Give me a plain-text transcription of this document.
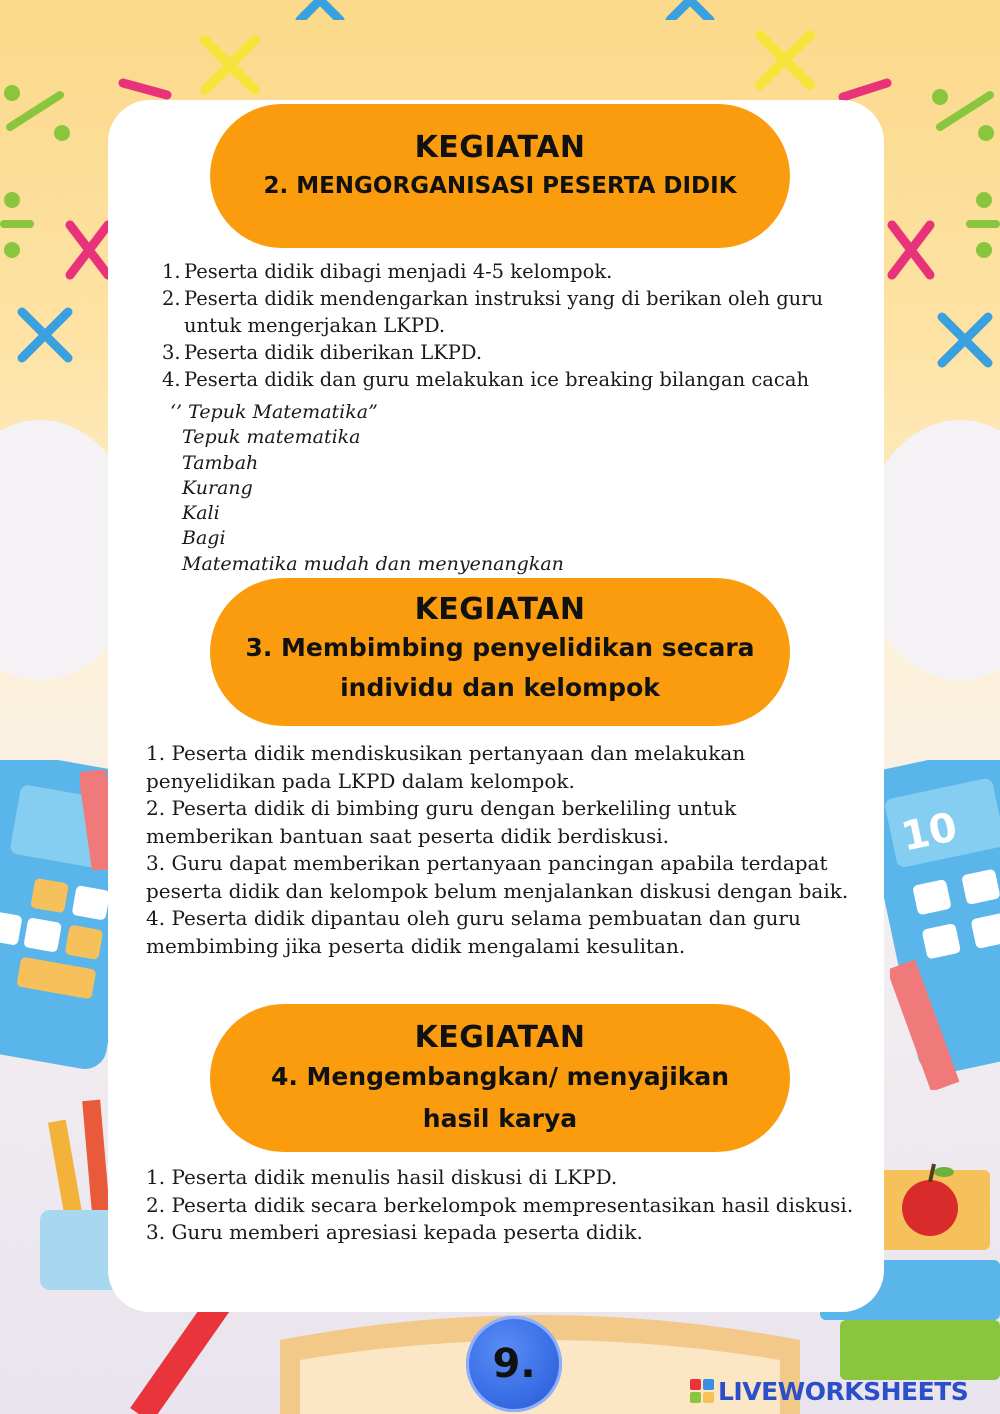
10
KEGIATAN
2. MENGORGANISASI PESERTA DIDIK
1. Peserta didik dibagi menjadi 4-5 kelompok.
2. Peserta didik mendengarkan instruksi yang di berikan oleh guru untuk mengerjakan LKPD.
3. Peserta didik diberikan LKPD.
4. Peserta didik dan guru melakukan ice breaking bilangan cacah
‘’ Tepuk Matematika”
Tepuk matematika
Tambah
Kurang
Kali
Bagi
Matematika mudah dan menyenangkan
KEGIATAN
3. Membimbing penyelidikan secara individu dan kelompok
1. Peserta didik mendiskusikan pertanyaan dan melakukan penyelidikan pada LKPD dalam kelompok.
2. Peserta didik di bimbing guru dengan berkeliling untuk memberikan bantuan saat peserta didik berdiskusi.
3. Guru dapat memberikan pertanyaan pancingan apabila terdapat peserta didik dan kelompok belum menjalankan diskusi dengan baik.
4. Peserta didik dipantau oleh guru selama pembuatan dan guru membimbing jika peserta didik mengalami kesulitan.
KEGIATAN
4. Mengembangkan/ menyajikan hasil karya
1. Peserta didik menulis hasil diskusi di LKPD.
2. Peserta didik secara berkelompok mempresentasikan hasil diskusi.
3. Guru memberi apresiasi kepada peserta didik.
9.
LIVEWORKSHEETS
